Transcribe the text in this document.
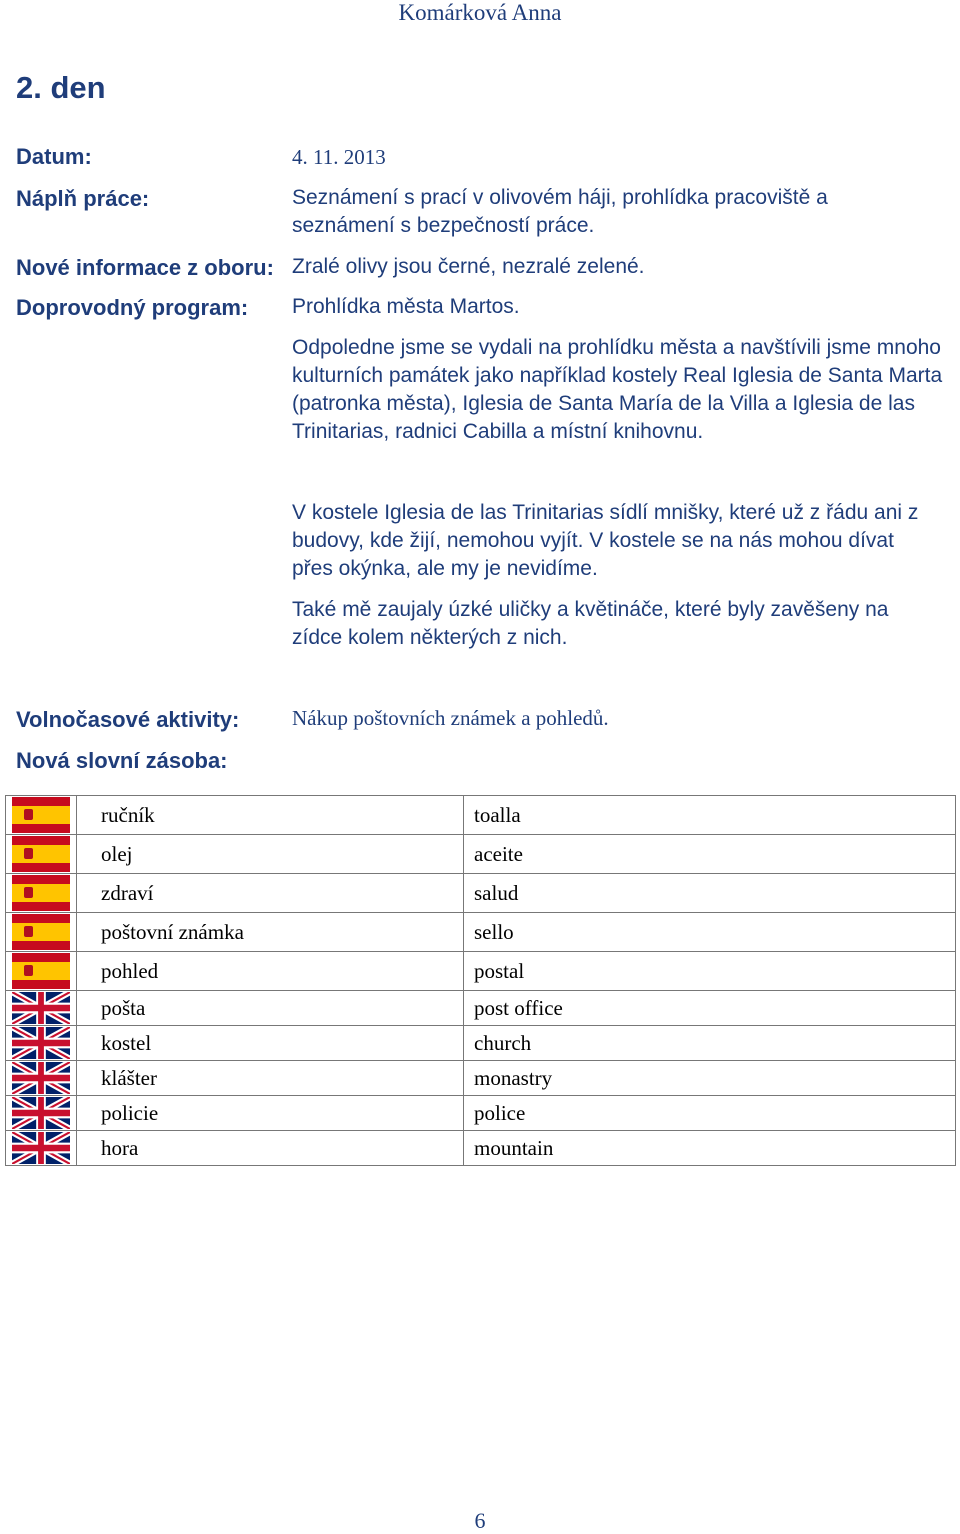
Komárková Anna
2. den
Datum:	4. 11. 2013
Náplň práce:	Seznámení s prací v olivovém háji, prohlídka pracoviště a seznámení s bezpečností práce.
Nové informace z oboru: Zralé olivy jsou černé, nezralé zelené.
Doprovodný program: Prohlídka města Martos.
Odpoledne jsme se vydali na prohlídku města a navštívili jsme mnoho kulturních památek jako například kostely Real Iglesia de Santa Marta (patronka města), Iglesia de Santa María de la Villa a Iglesia de las Trinitarias, radnici Cabilla a místní knihovnu.
V kostele Iglesia de las Trinitarias sídlí mnišky, které už z řádu ani z budovy, kde žijí, nemohou vyjít. V kostele se na nás mohou dívat přes okýnka, ale my je nevidíme.
Také mě zaujaly úzké uličky a květináče, které byly zavěšeny na zídce kolem některých z nich.
Volnočasové aktivity:	Nákup poštovních známek a pohledů.
Nová slovní zásoba:
	ručník	toalla

	olej	aceite

	zdraví	salud

	poštovní známka	sello

	pohled	postal

	pošta	post office

	kostel	church

	klášter	monastry

	policie	police

	hora	mountain
6
